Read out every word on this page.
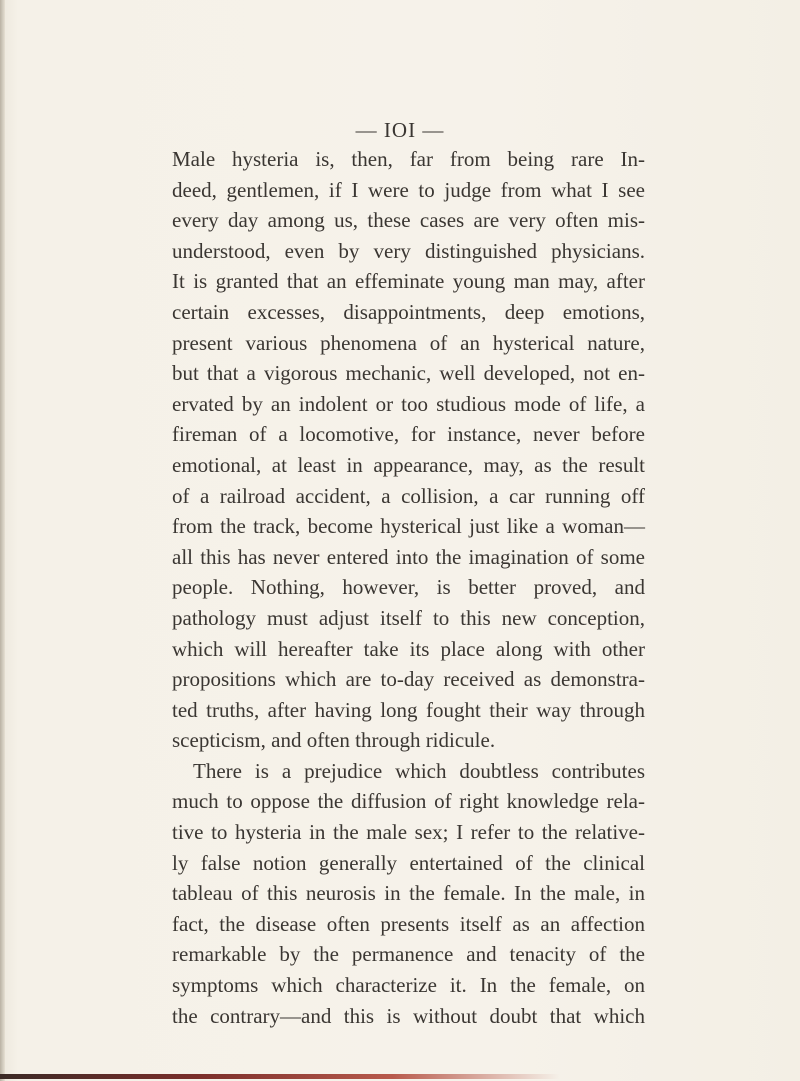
— IOI —
Male hysteria is, then, far from being rare In-
deed, gentlemen, if I were to judge from what I see
every day among us, these cases are very often mis-
understood, even by very distinguished physicians.
It is granted that an effeminate young man may, after
certain excesses, disappointments, deep emotions,
present various phenomena of an hysterical nature,
but that a vigorous mechanic, well developed, not en-
ervated by an indolent or too studious mode of life, a
fireman of a locomotive, for instance, never before
emotional, at least in appearance, may, as the result
of a railroad accident, a collision, a car running off
from the track, become hysterical just like a woman—
all this has never entered into the imagination of some
people. Nothing, however, is better proved, and
pathology must adjust itself to this new conception,
which will hereafter take its place along with other
propositions which are to-day received as demonstra-
ted truths, after having long fought their way through
scepticism, and often through ridicule.
There is a prejudice which doubtless contributes
much to oppose the diffusion of right knowledge rela-
tive to hysteria in the male sex; I refer to the relative-
ly false notion generally entertained of the clinical
tableau of this neurosis in the female. In the male, in
fact, the disease often presents itself as an affection
remarkable by the permanence and tenacity of the
symptoms which characterize it. In the female, on
the contrary—and this is without doubt that which
